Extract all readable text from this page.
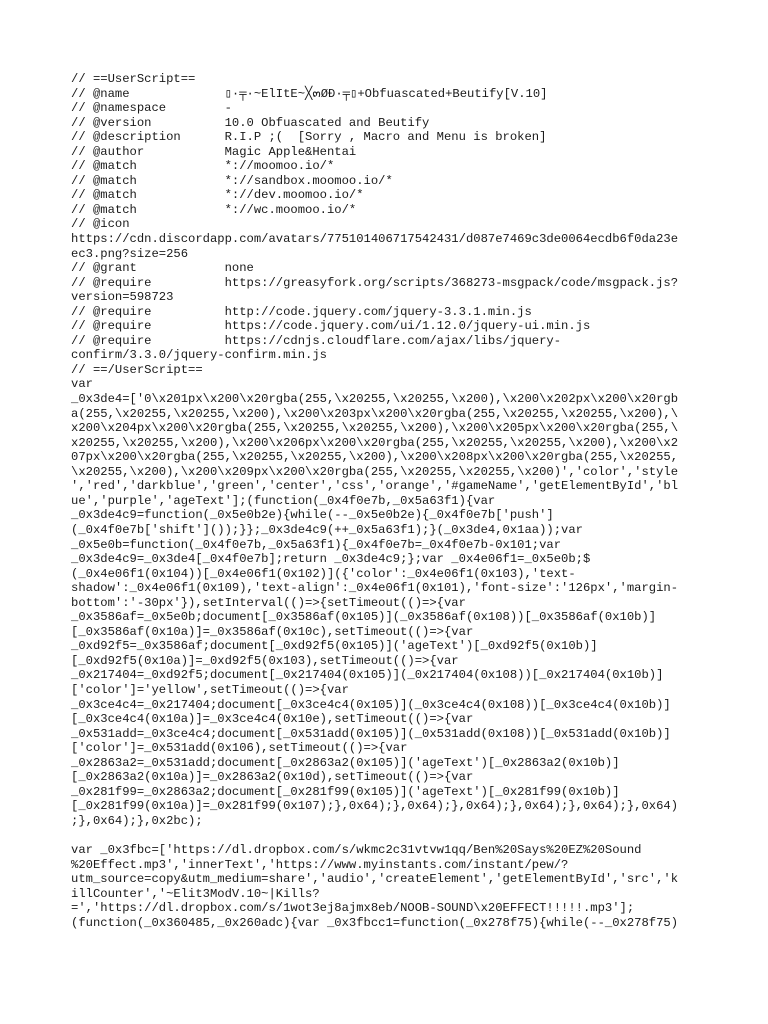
// ==UserScript==
// @name             ▯·╤·~ElItE~╳๓ØÐ·╤▯+Obfuascated+Beutify[V.10]
// @namespace        -
// @version          10.0 Obfuascated and Beutify
// @description      R.I.P ;(  [Sorry , Macro and Menu is broken]
// @author           Magic Apple&Hentai
// @match            *://moomoo.io/*
// @match            *://sandbox.moomoo.io/*
// @match            *://dev.moomoo.io/*
// @match            *://wc.moomoo.io/*
// @icon
https://cdn.discordapp.com/avatars/775101406717542431/d087e7469c3de0064ecdb6f0da23e
ec3.png?size=256
// @grant            none
// @require          https://greasyfork.org/scripts/368273-msgpack/code/msgpack.js?
version=598723
// @require          http://code.jquery.com/jquery-3.3.1.min.js
// @require          https://code.jquery.com/ui/1.12.0/jquery-ui.min.js
// @require          https://cdnjs.cloudflare.com/ajax/libs/jquery-
confirm/3.3.0/jquery-confirm.min.js
// ==/UserScript==
var
_0x3de4=['0\x201px\x200\x20rgba(255,\x20255,\x20255,\x200),\x200\x202px\x200\x20rgb
a(255,\x20255,\x20255,\x200),\x200\x203px\x200\x20rgba(255,\x20255,\x20255,\x200),\
x200\x204px\x200\x20rgba(255,\x20255,\x20255,\x200),\x200\x205px\x200\x20rgba(255,\
x20255,\x20255,\x200),\x200\x206px\x200\x20rgba(255,\x20255,\x20255,\x200),\x200\x2
07px\x200\x20rgba(255,\x20255,\x20255,\x200),\x200\x208px\x200\x20rgba(255,\x20255,
\x20255,\x200),\x200\x209px\x200\x20rgba(255,\x20255,\x20255,\x200)','color','style
','red','darkblue','green','center','css','orange','#gameName','getElementById','bl
ue','purple','ageText'];(function(_0x4f0e7b,_0x5a63f1){var
_0x3de4c9=function(_0x5e0b2e){while(--_0x5e0b2e){_0x4f0e7b['push']
(_0x4f0e7b['shift']());}};_0x3de4c9(++_0x5a63f1);}(_0x3de4,0x1aa));var
_0x5e0b=function(_0x4f0e7b,_0x5a63f1){_0x4f0e7b=_0x4f0e7b-0x101;var
_0x3de4c9=_0x3de4[_0x4f0e7b];return _0x3de4c9;};var _0x4e06f1=_0x5e0b;$
(_0x4e06f1(0x104))[_0x4e06f1(0x102)]({'color':_0x4e06f1(0x103),'text-
shadow':_0x4e06f1(0x109),'text-align':_0x4e06f1(0x101),'font-size':'126px','margin-
bottom':'-30px'}),setInterval(()=>{setTimeout(()=>{var
_0x3586af=_0x5e0b;document[_0x3586af(0x105)](_0x3586af(0x108))[_0x3586af(0x10b)]
[_0x3586af(0x10a)]=_0x3586af(0x10c),setTimeout(()=>{var
_0xd92f5=_0x3586af;document[_0xd92f5(0x105)]('ageText')[_0xd92f5(0x10b)]
[_0xd92f5(0x10a)]=_0xd92f5(0x103),setTimeout(()=>{var
_0x217404=_0xd92f5;document[_0x217404(0x105)](_0x217404(0x108))[_0x217404(0x10b)]
['color']='yellow',setTimeout(()=>{var
_0x3ce4c4=_0x217404;document[_0x3ce4c4(0x105)](_0x3ce4c4(0x108))[_0x3ce4c4(0x10b)]
[_0x3ce4c4(0x10a)]=_0x3ce4c4(0x10e),setTimeout(()=>{var
_0x531add=_0x3ce4c4;document[_0x531add(0x105)](_0x531add(0x108))[_0x531add(0x10b)]
['color']=_0x531add(0x106),setTimeout(()=>{var
_0x2863a2=_0x531add;document[_0x2863a2(0x105)]('ageText')[_0x2863a2(0x10b)]
[_0x2863a2(0x10a)]=_0x2863a2(0x10d),setTimeout(()=>{var
_0x281f99=_0x2863a2;document[_0x281f99(0x105)]('ageText')[_0x281f99(0x10b)]
[_0x281f99(0x10a)]=_0x281f99(0x107);},0x64);},0x64);},0x64);},0x64);},0x64);},0x64)
;},0x64);},0x2bc);
var _0x3fbc=['https://dl.dropbox.com/s/wkmc2c31vtvw1qq/Ben%20Says%20EZ%20Sound
%20Effect.mp3','innerText','https://www.myinstants.com/instant/pew/?
utm_source=copy&utm_medium=share','audio','createElement','getElementById','src','k
illCounter','~Elit3ModV.10~|Kills?
=','https://dl.dropbox.com/s/1wot3ej8ajmx8eb/NOOB-SOUND\x20EFFECT!!!!!.mp3'];
(function(_0x360485,_0x260adc){var _0x3fbcc1=function(_0x278f75){while(--_0x278f75)
